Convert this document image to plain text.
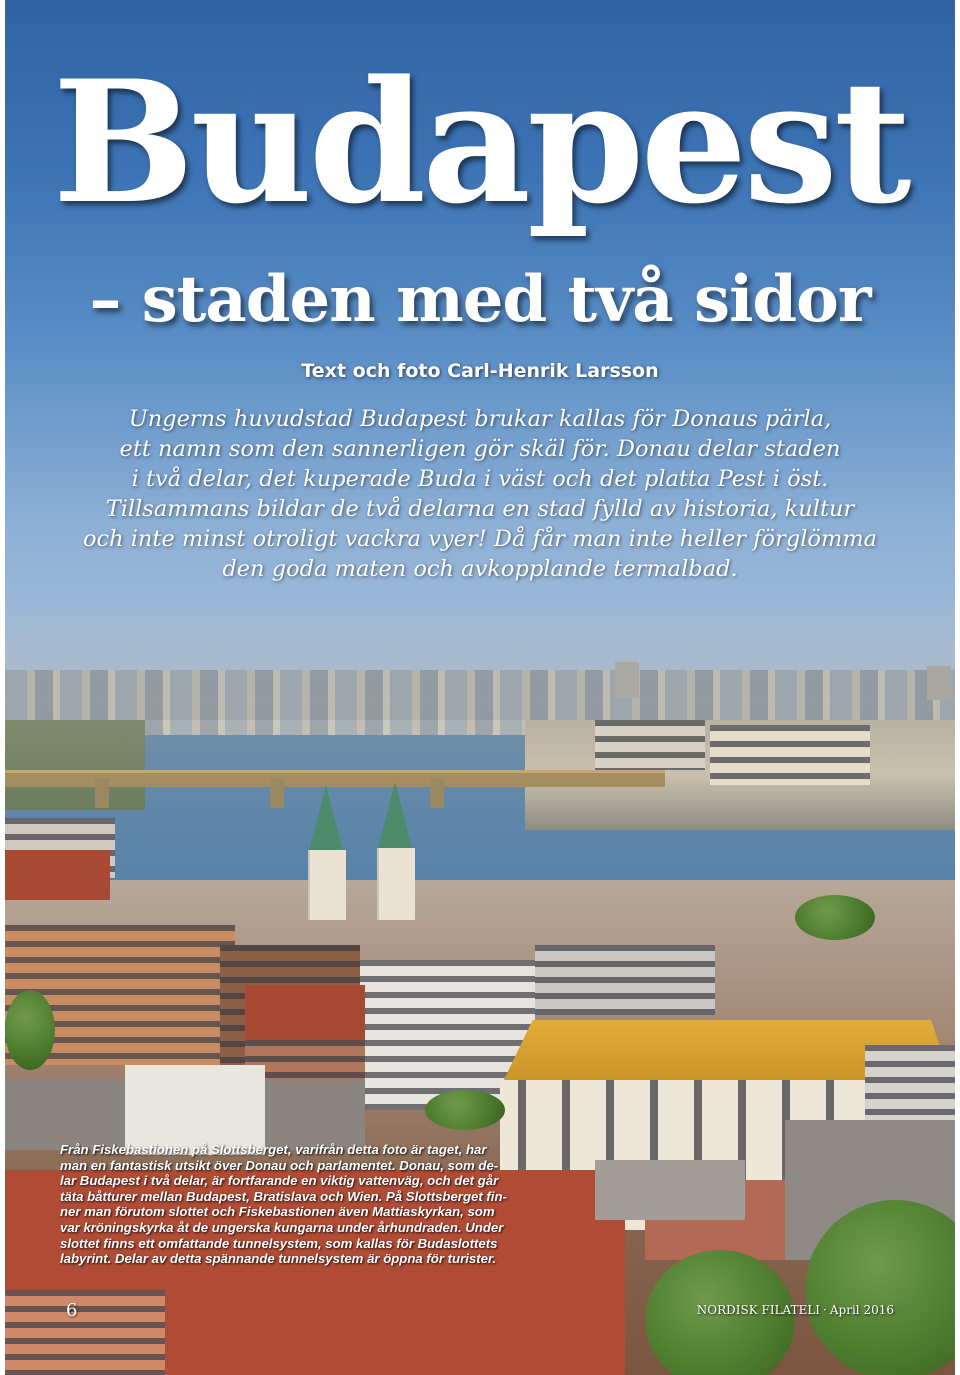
Budapest
– staden med två sidor
Text och foto Carl-Henrik Larsson
Ungerns huvudstad Budapest brukar kallas för Donaus pärla,
ett namn som den sannerligen gör skäl för. Donau delar staden
i två delar, det kuperade Buda i väst och det platta Pest i öst.
Tillsammans bildar de två delarna en stad fylld av historia, kultur
och inte minst otroligt vackra vyer! Då får man inte heller förglömma
den goda maten och avkopplande termalbad.
Från Fiskebastionen på Slottsberget, varifrån detta foto är taget, har
man en fantastisk utsikt över Donau och parlamentet. Donau, som de-
lar Budapest i två delar, är fortfarande en viktig vattenväg, och det går
täta båtturer mellan Budapest, Bratislava och Wien. På Slottsberget fin-
ner man förutom slottet och Fiskebastionen även Mattiaskyrkan, som
var kröningskyrka åt de ungerska kungarna under århundraden. Under
slottet finns ett omfattande tunnelsystem, som kallas för Budaslottets
labyrint. Delar av detta spännande tunnelsystem är öppna för turister.
6	NORDISK FILATELI · April 2016
